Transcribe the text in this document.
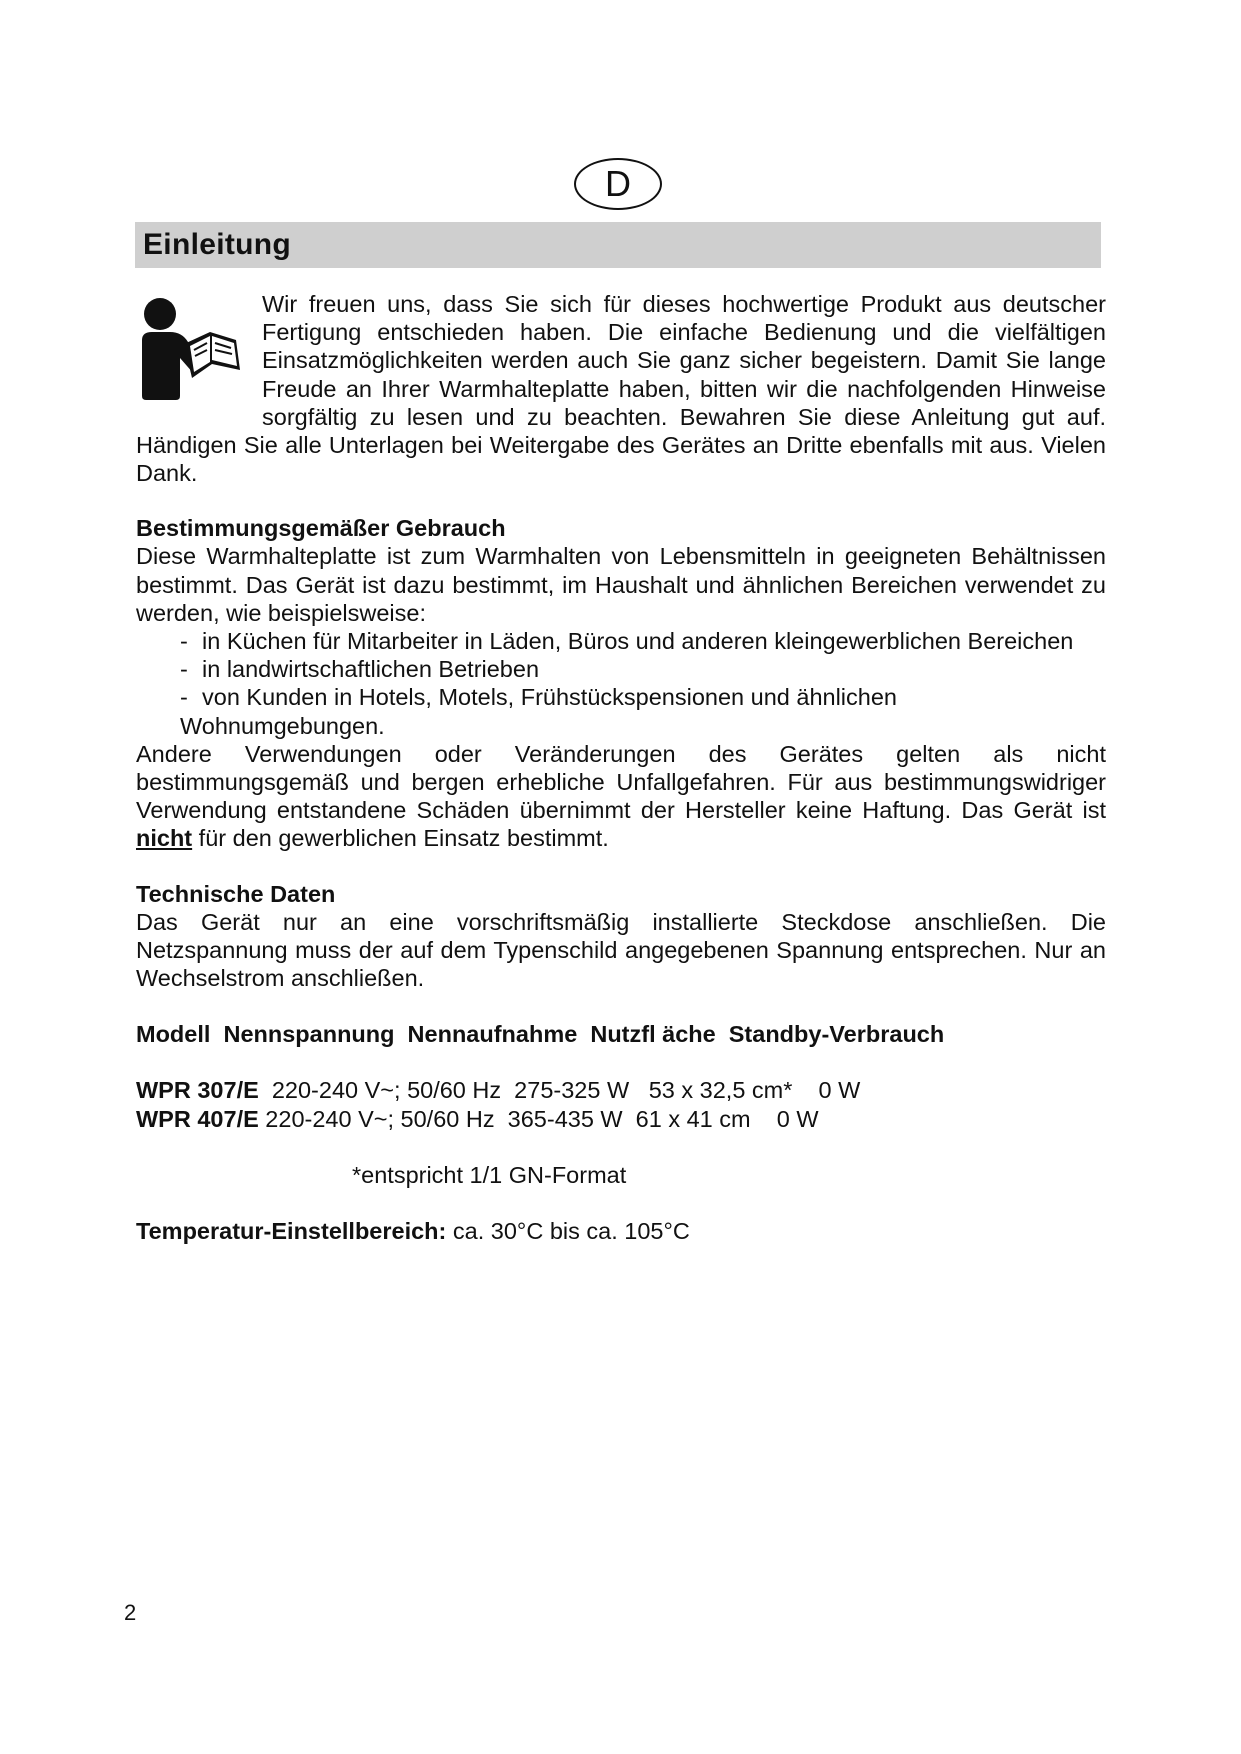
D
Einleitung

Wir freuen uns, dass Sie sich für dieses hochwertige Produkt aus deutscher Fertigung entschieden haben. Die einfache Bedienung und die vielfältigen Einsatzmöglichkeiten werden auch Sie ganz sicher begeistern. Damit Sie lange Freude an Ihrer Warmhalteplatte haben, bitten wir die nachfolgenden Hinweise sorgfältig zu lesen und zu beachten. Bewahren Sie diese Anleitung gut auf. Händigen Sie alle Unterlagen bei Weitergabe des Gerätes an Dritte ebenfalls mit aus. Vielen Dank.

Bestimmungsgemäßer Gebrauch

Diese Warmhalteplatte ist zum Warmhalten von Lebensmitteln in geeigneten Behältnissen bestimmt. Das Gerät ist dazu bestimmt, im Haushalt und ähnlichen Bereichen verwendet zu werden, wie beispielsweise:

- in Küchen für Mitarbeiter in Läden, Büros und anderen kleingewerblichen Bereichen
- in landwirtschaftlichen Betrieben
- von Kunden in Hotels, Motels, Frühstückspensionen und ähnlichen Wohnumgebungen.

Andere Verwendungen oder Veränderungen des Gerätes gelten als nicht bestimmungsgemäß und bergen erhebliche Unfallgefahren. Für aus bestimmungswidriger Verwendung entstandene Schäden übernimmt der Hersteller keine Haftung. Das Gerät ist nicht für den gewerblichen Einsatz bestimmt.

Technische Daten

Das Gerät nur an eine vorschriftsmäßig installierte Steckdose anschließen. Die Netzspannung muss der auf dem Typenschild angegebenen Spannung entsprechen. Nur an Wechselstrom anschließen.

Modell  Nennspannung  Nennaufnahme  Nutzfl äche  Standby-Verbrauch
WPR 307/E  220-240 V~; 50/60 Hz  275-325 W   53 x 32,5 cm*    0 W
WPR 407/E 220-240 V~; 50/60 Hz  365-435 W  61 x 41 cm    0 W
*entspricht 1/1 GN-Format
Temperatur-Einstellbereich: ca. 30°C bis ca. 105°C
2
